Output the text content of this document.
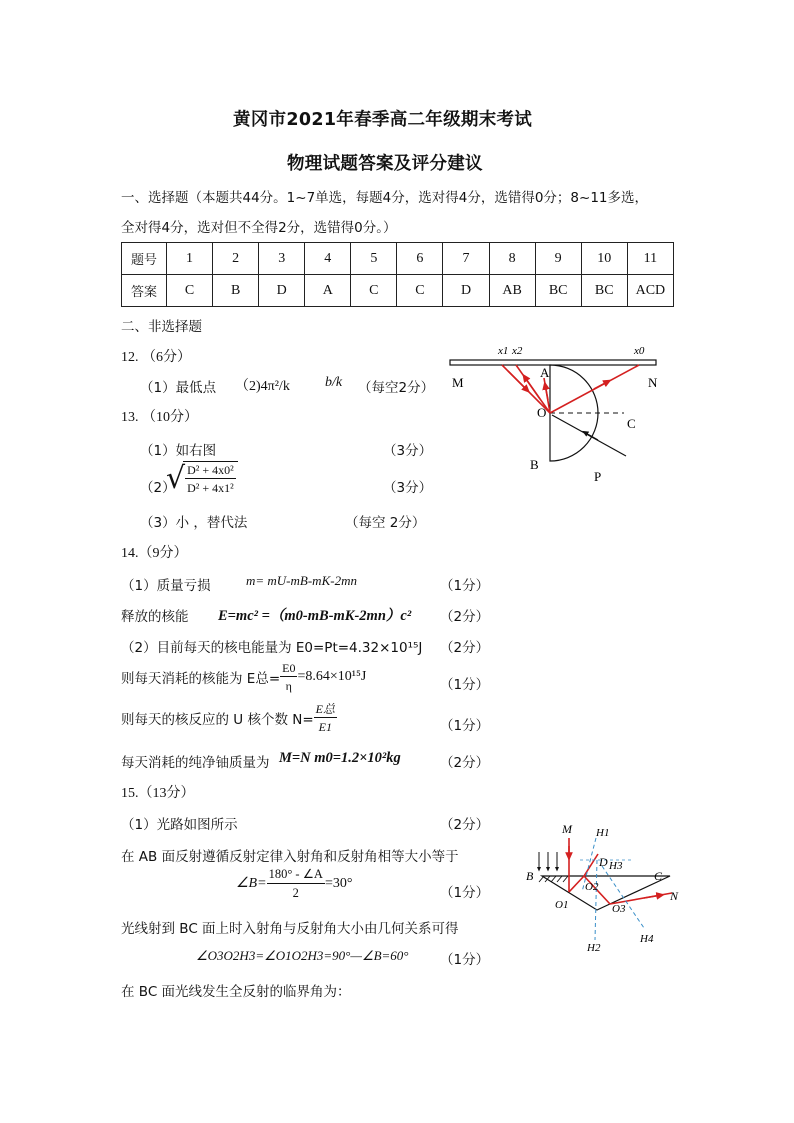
黄冈市2021年春季高二年级期末考试
物理试题答案及评分建议
一、选择题（本题共44分。1~7单选，每题4分，选对得4分，选错得0分；8~11多选，
全对得4分，选对但不全得2分，选错得0分。）
题号	1	2	3	4	5	6	7	8	9	10	11
答案	C	B	D	A	C	C	D	AB	BC	BC	ACD
二、非选择题
12. （6分）
（1）最低点 （2)4π²/k	b/k （每空2分）
13. （10分）
（1）如右图	（3分）
（2）
√ $\frac{\text{D² + 4x0²}}{\text{D² + 4x1²}}$	（3分）
（3）小 ，替代法	（每空 2分）
14.（9分）
（1）质量亏损	m= mU-mB-mK-2mn	（1分）
释放的核能 E=mc² =（m0-mB-mK-2mn）c² （2分）
（2）目前每天的核电能量为 E0=Pt=4.32×10¹⁵J （2分）
则每天消耗的核能为 E总= $\frac{E0}{\eta} =8.64\times 10^{15}J$
（1分）
则每天的核反应的 U 核个数 $N= \frac{\text{E总}}{E1}$	（1分）
每天消耗的纯净铀质量为 M=N m0=1.2×10²kg	（2分）
15.（13分）
（1）光路如图所示	（2分）
在 AB 面反射遵循反射定律入射角和反射角相等大小等于
∠B= $\frac{180^\circ - \angle A}{2} =30^\circ$
（1分）
光线射到 BC 面上时入射角与反射角大小由几何关系可得
∠O3O2H3=∠O1O2H3=90°—∠B=60° （1分）
在 BC 面光线发生全反射的临界角为：
x1 x2	x0
M	N
A
O
C
B
P
M H1
D H3
B
O2
C
N
O1	O3
H2
H4
